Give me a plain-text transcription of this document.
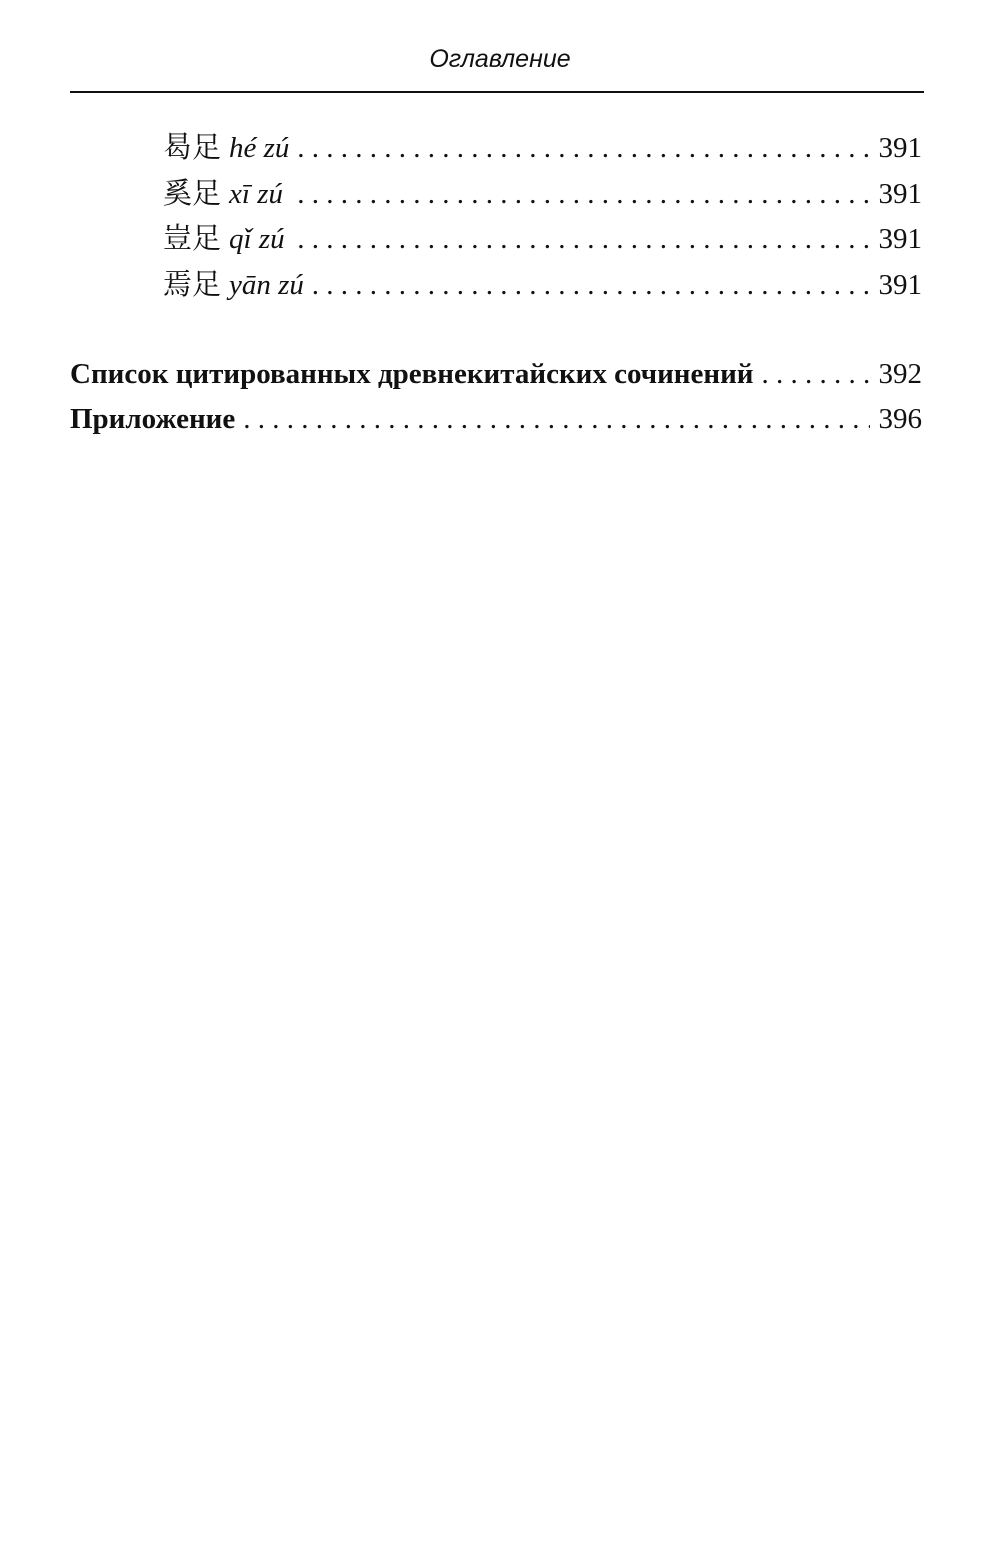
Оглавление
曷足 hé zú . . .	391
奚足 xī zú . . .	391
豈足 qǐ zú . . .	391
焉足 yān zú . . .	391
Список цитированных древнекитайских сочинений . . .	392
Приложение . . .	396
